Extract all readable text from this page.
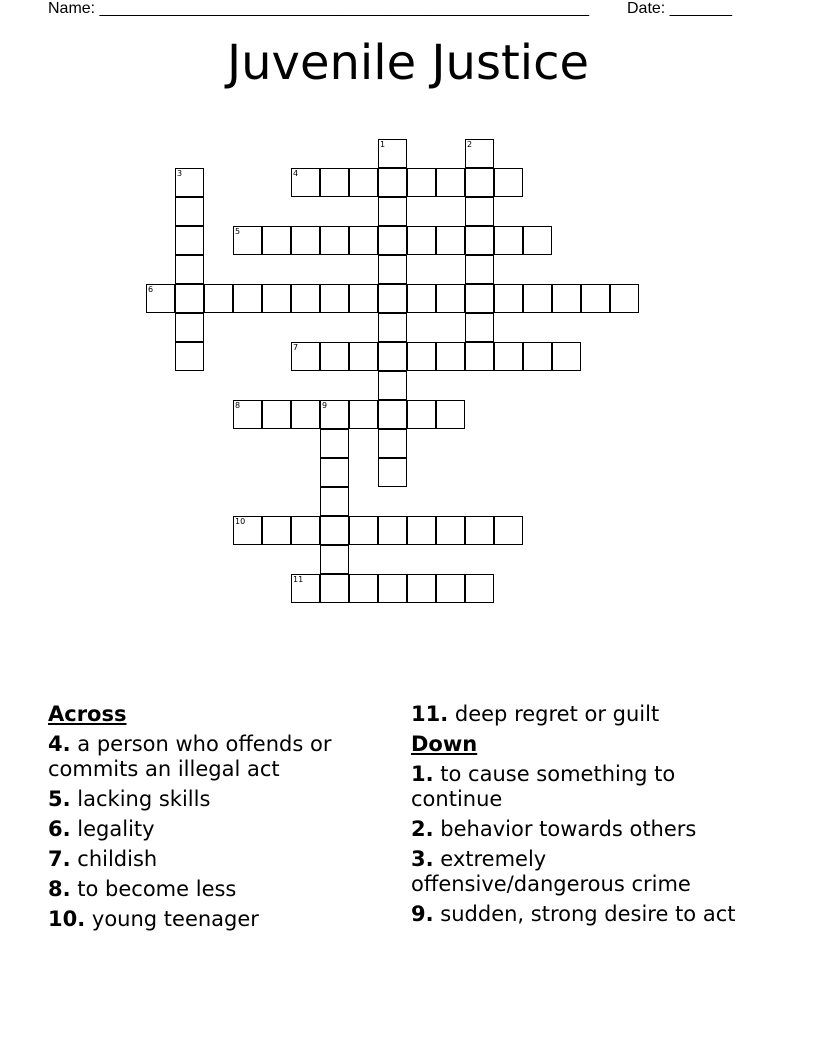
Name: _______________________________________________________ Date: _______
Juvenile Justice
1	2
3	4
5
6
7
8	9
10
11
Across
4. a person who offends or commits an illegal act
5. lacking skills
6. legality
7. childish
8. to become less
10. young teenager
11. deep regret or guilt
Down
1. to cause something to continue
2. behavior towards others
3. extremely offensive/dangerous crime
9. sudden, strong desire to act
